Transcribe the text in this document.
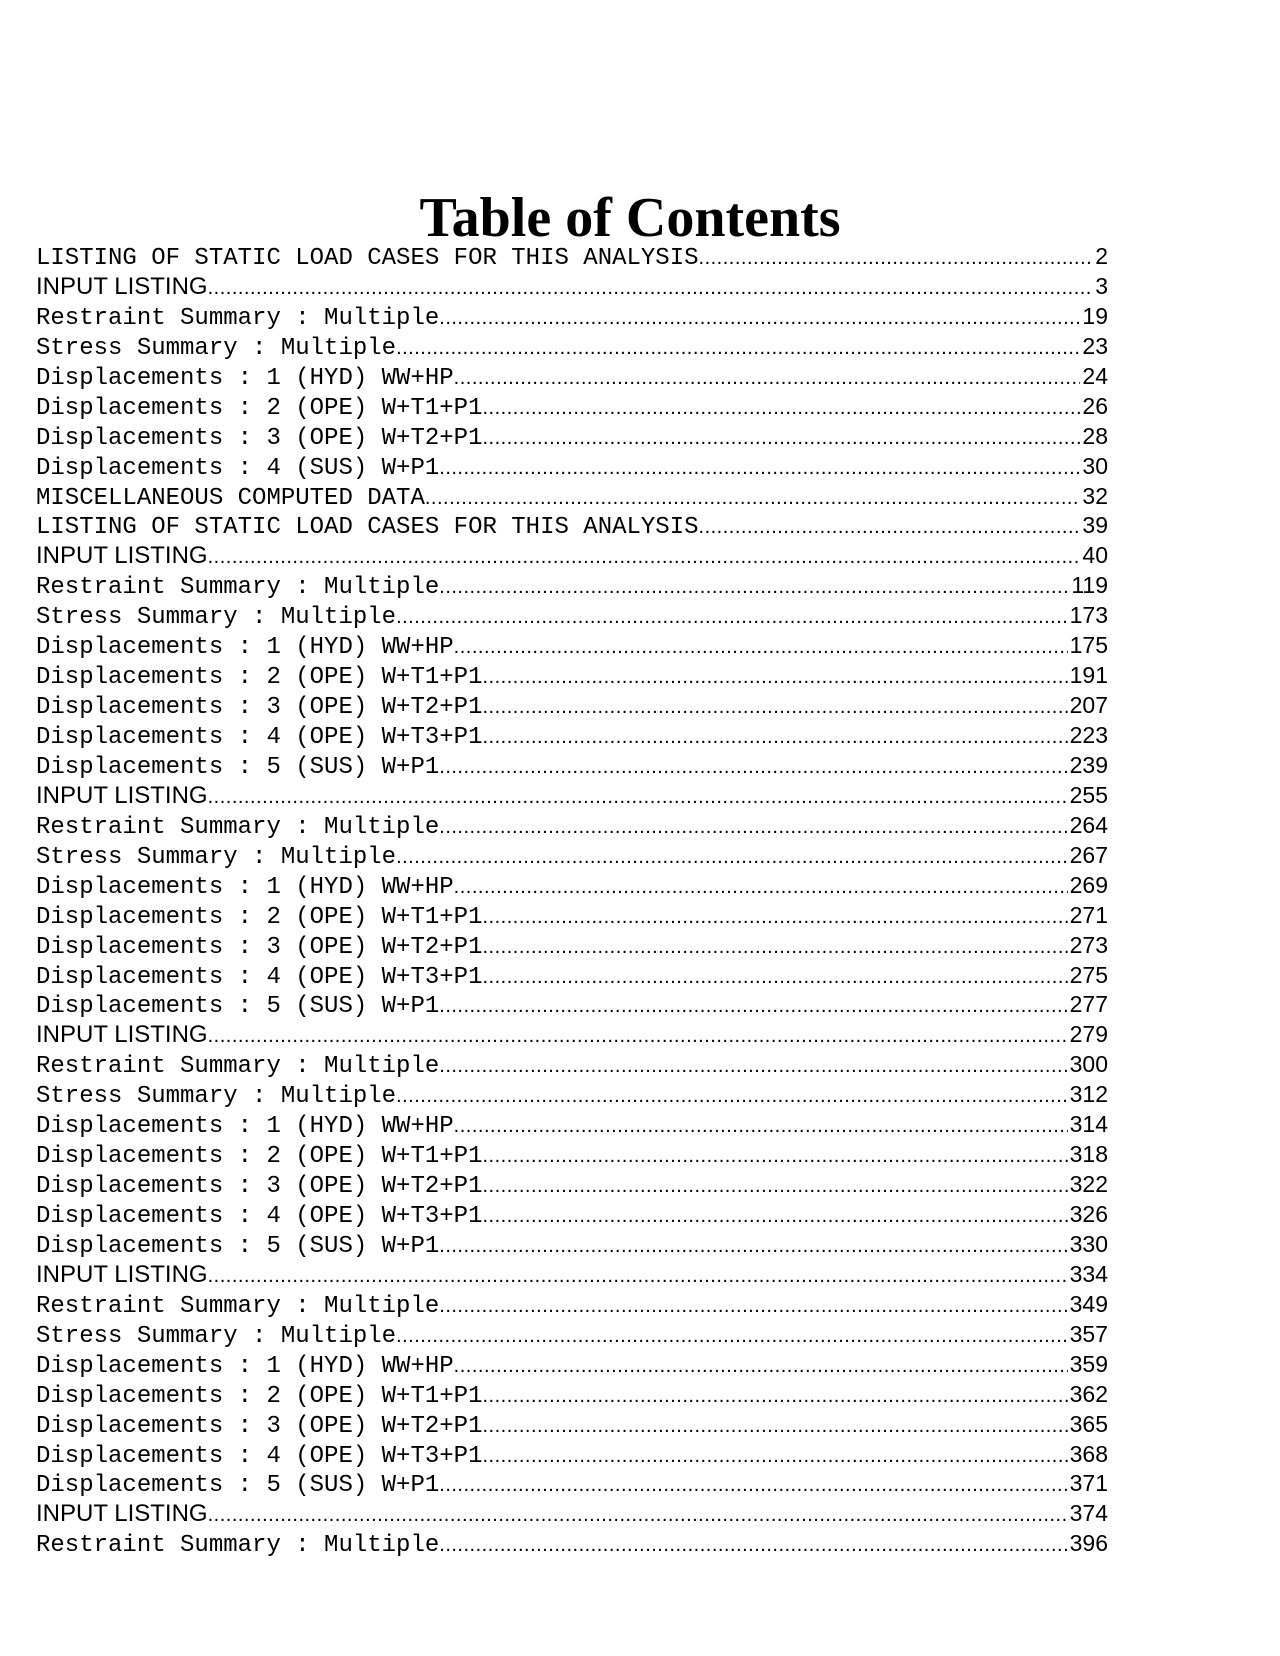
Table of Contents
LISTING OF STATIC LOAD CASES FOR THIS ANALYSIS .....	2
INPUT LISTING .....	3
Restraint Summary : Multiple .....	19
Stress Summary : Multiple .....	23
Displacements : 1 (HYD) WW+HP .....	24
Displacements : 2 (OPE) W+T1+P1 .....	26
Displacements : 3 (OPE) W+T2+P1 .....	28
Displacements : 4 (SUS) W+P1 .....	30
MISCELLANEOUS COMPUTED DATA .....	32
LISTING OF STATIC LOAD CASES FOR THIS ANALYSIS .....	39
INPUT LISTING .....	40
Restraint Summary : Multiple .....	119
Stress Summary : Multiple .....	173
Displacements : 1 (HYD) WW+HP .....	175
Displacements : 2 (OPE) W+T1+P1 .....	191
Displacements : 3 (OPE) W+T2+P1 .....	207
Displacements : 4 (OPE) W+T3+P1 .....	223
Displacements : 5 (SUS) W+P1 .....	239
INPUT LISTING .....	255
Restraint Summary : Multiple .....	264
Stress Summary : Multiple .....	267
Displacements : 1 (HYD) WW+HP .....	269
Displacements : 2 (OPE) W+T1+P1 .....	271
Displacements : 3 (OPE) W+T2+P1 .....	273
Displacements : 4 (OPE) W+T3+P1 .....	275
Displacements : 5 (SUS) W+P1 .....	277
INPUT LISTING .....	279
Restraint Summary : Multiple .....	300
Stress Summary : Multiple .....	312
Displacements : 1 (HYD) WW+HP .....	314
Displacements : 2 (OPE) W+T1+P1 .....	318
Displacements : 3 (OPE) W+T2+P1 .....	322
Displacements : 4 (OPE) W+T3+P1 .....	326
Displacements : 5 (SUS) W+P1 .....	330
INPUT LISTING .....	334
Restraint Summary : Multiple .....	349
Stress Summary : Multiple .....	357
Displacements : 1 (HYD) WW+HP .....	359
Displacements : 2 (OPE) W+T1+P1 .....	362
Displacements : 3 (OPE) W+T2+P1 .....	365
Displacements : 4 (OPE) W+T3+P1 .....	368
Displacements : 5 (SUS) W+P1 .....	371
INPUT LISTING .....	374
Restraint Summary : Multiple .....	396
